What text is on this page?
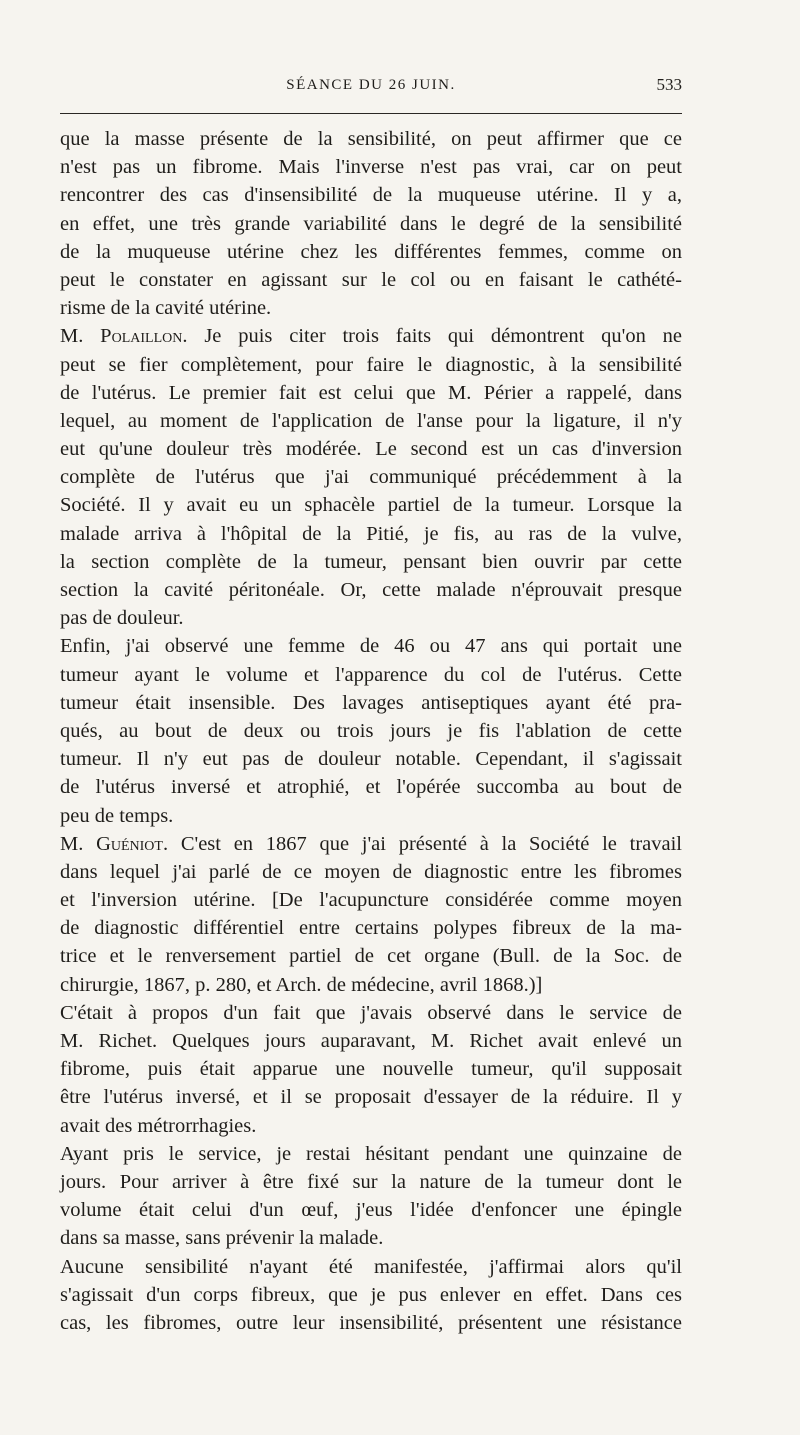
SÉANCE DU 26 JUIN.	533
que la masse présente de la sensibilité, on peut affirmer que ce
n'est pas un fibrome. Mais l'inverse n'est pas vrai, car on peut
rencontrer des cas d'insensibilité de la muqueuse utérine. Il y a,
en effet, une très grande variabilité dans le degré de la sensibilité
de la muqueuse utérine chez les différentes femmes, comme on
peut le constater en agissant sur le col ou en faisant le cathété-
risme de la cavité utérine.
M. Polaillon. Je puis citer trois faits qui démontrent qu'on ne
peut se fier complètement, pour faire le diagnostic, à la sensibilité
de l'utérus. Le premier fait est celui que M. Périer a rappelé, dans
lequel, au moment de l'application de l'anse pour la ligature, il n'y
eut qu'une douleur très modérée. Le second est un cas d'inversion
complète de l'utérus que j'ai communiqué précédemment à la
Société. Il y avait eu un sphacèle partiel de la tumeur. Lorsque la
malade arriva à l'hôpital de la Pitié, je fis, au ras de la vulve,
la section complète de la tumeur, pensant bien ouvrir par cette
section la cavité péritonéale. Or, cette malade n'éprouvait presque
pas de douleur.
Enfin, j'ai observé une femme de 46 ou 47 ans qui portait une
tumeur ayant le volume et l'apparence du col de l'utérus. Cette
tumeur était insensible. Des lavages antiseptiques ayant été pra-
qués, au bout de deux ou trois jours je fis l'ablation de cette
tumeur. Il n'y eut pas de douleur notable. Cependant, il s'agissait
de l'utérus inversé et atrophié, et l'opérée succomba au bout de
peu de temps.
M. Guéniot. C'est en 1867 que j'ai présenté à la Société le travail
dans lequel j'ai parlé de ce moyen de diagnostic entre les fibromes
et l'inversion utérine. [De l'acupuncture considérée comme moyen
de diagnostic différentiel entre certains polypes fibreux de la ma-
trice et le renversement partiel de cet organe (Bull. de la Soc. de
chirurgie, 1867, p. 280, et Arch. de médecine, avril 1868.)]
C'était à propos d'un fait que j'avais observé dans le service de
M. Richet. Quelques jours auparavant, M. Richet avait enlevé un
fibrome, puis était apparue une nouvelle tumeur, qu'il supposait
être l'utérus inversé, et il se proposait d'essayer de la réduire. Il y
avait des métrorrhagies.
Ayant pris le service, je restai hésitant pendant une quinzaine de
jours. Pour arriver à être fixé sur la nature de la tumeur dont le
volume était celui d'un œuf, j'eus l'idée d'enfoncer une épingle
dans sa masse, sans prévenir la malade.
Aucune sensibilité n'ayant été manifestée, j'affirmai alors qu'il
s'agissait d'un corps fibreux, que je pus enlever en effet. Dans ces
cas, les fibromes, outre leur insensibilité, présentent une résistance
